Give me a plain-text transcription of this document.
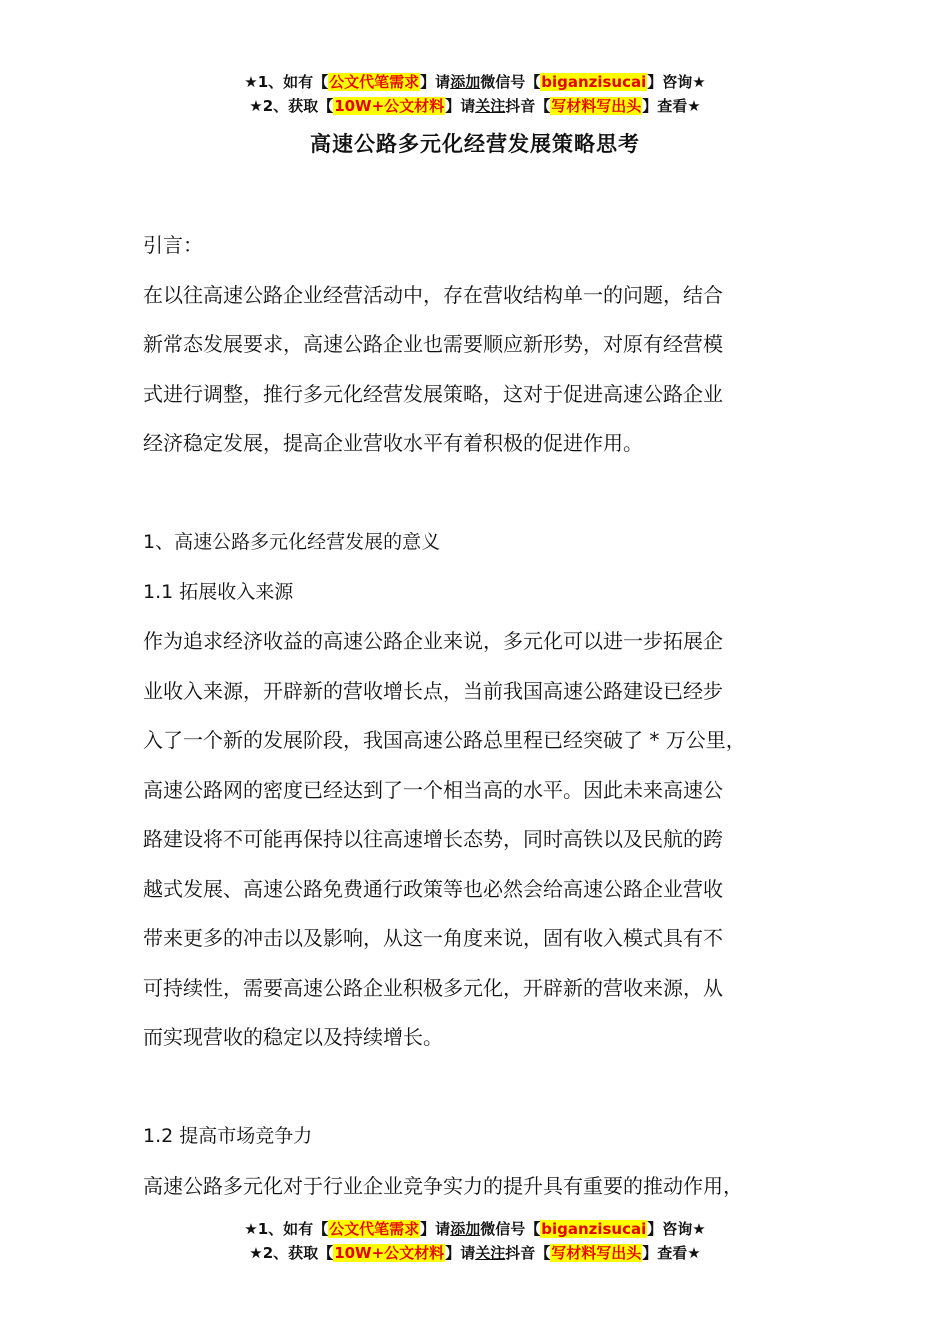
★1、如有【公文代笔需求】请添加微信号【biganzisucai】咨询★
★2、获取【10W+公文材料】请关注抖音【写材料写出头】查看★
高速公路多元化经营发展策略思考

引言：

在以往高速公路企业经营活动中，存在营收结构单一的问题，结合

新常态发展要求，高速公路企业也需要顺应新形势，对原有经营模

式进行调整，推行多元化经营发展策略，这对于促进高速公路企业

经济稳定发展，提高企业营收水平有着积极的促进作用。

1、高速公路多元化经营发展的意义

1.1 拓展收入来源

作为追求经济收益的高速公路企业来说，多元化可以进一步拓展企

业收入来源，开辟新的营收增长点，当前我国高速公路建设已经步

入了一个新的发展阶段，我国高速公路总里程已经突破了 * 万公里，

高速公路网的密度已经达到了一个相当高的水平。因此未来高速公

路建设将不可能再保持以往高速增长态势，同时高铁以及民航的跨

越式发展、高速公路免费通行政策等也必然会给高速公路企业营收

带来更多的冲击以及影响，从这一角度来说，固有收入模式具有不

可持续性，需要高速公路企业积极多元化，开辟新的营收来源，从

而实现营收的稳定以及持续增长。

1.2 提高市场竞争力

高速公路多元化对于行业企业竞争实力的提升具有重要的推动作用，

★1、如有【公文代笔需求】请添加微信号【biganzisucai】咨询★
★2、获取【10W+公文材料】请关注抖音【写材料写出头】查看★
